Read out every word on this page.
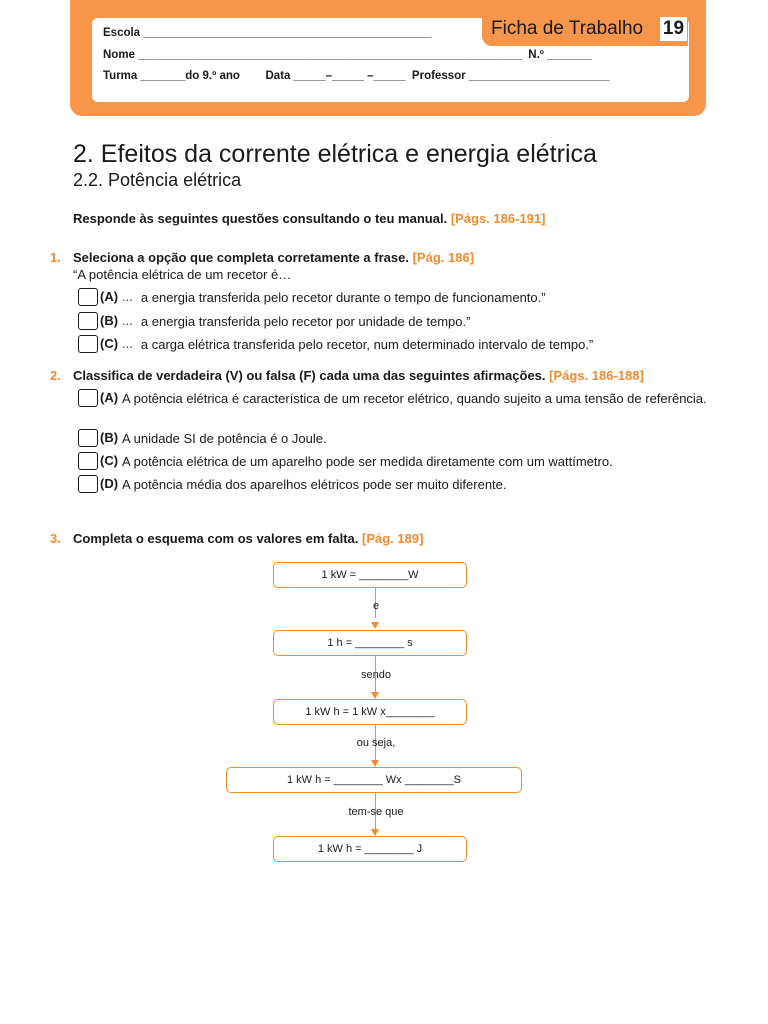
Escola _____________________________________________
Nome ____________________________________________________________  N.º _______
Turma _______do 9.º ano        Data _____–_____ –_____  Professor ______________________
Ficha de Trabalho 19
2. Efeitos da corrente elétrica e energia elétrica
2.2. Potência elétrica
Responde às seguintes questões consultando o teu manual. [Págs. 186-191]
1. Seleciona a opção que completa corretamente a frase. [Pág. 186]
“A potência elétrica de um recetor é…
(A) ... a energia transferida pelo recetor durante o tempo de funcionamento.”
(B) ... a energia transferida pelo recetor por unidade de tempo.”
(C) ... a carga elétrica transferida pelo recetor, num determinado intervalo de tempo.”
2. Classifica de verdadeira (V) ou falsa (F) cada uma das seguintes afirmações. [Págs. 186-188]
(A) A potência elétrica é característica de um recetor elétrico, quando sujeito a uma tensão de referência.
(B) A unidade SI de potência é o Joule.
(C) A potência elétrica de um aparelho pode ser medida diretamente com um wattímetro.
(D) A potência média dos aparelhos elétricos pode ser muito diferente.
3. Completa o esquema com os valores em falta. [Pág. 189]
1 kW = ________W
e
1 h = ________ s
sendo
1 kW h = 1 kW x________
ou seja,
1 kW h = ________ Wx ________S
tem-se que
1 kW h = ________ J
